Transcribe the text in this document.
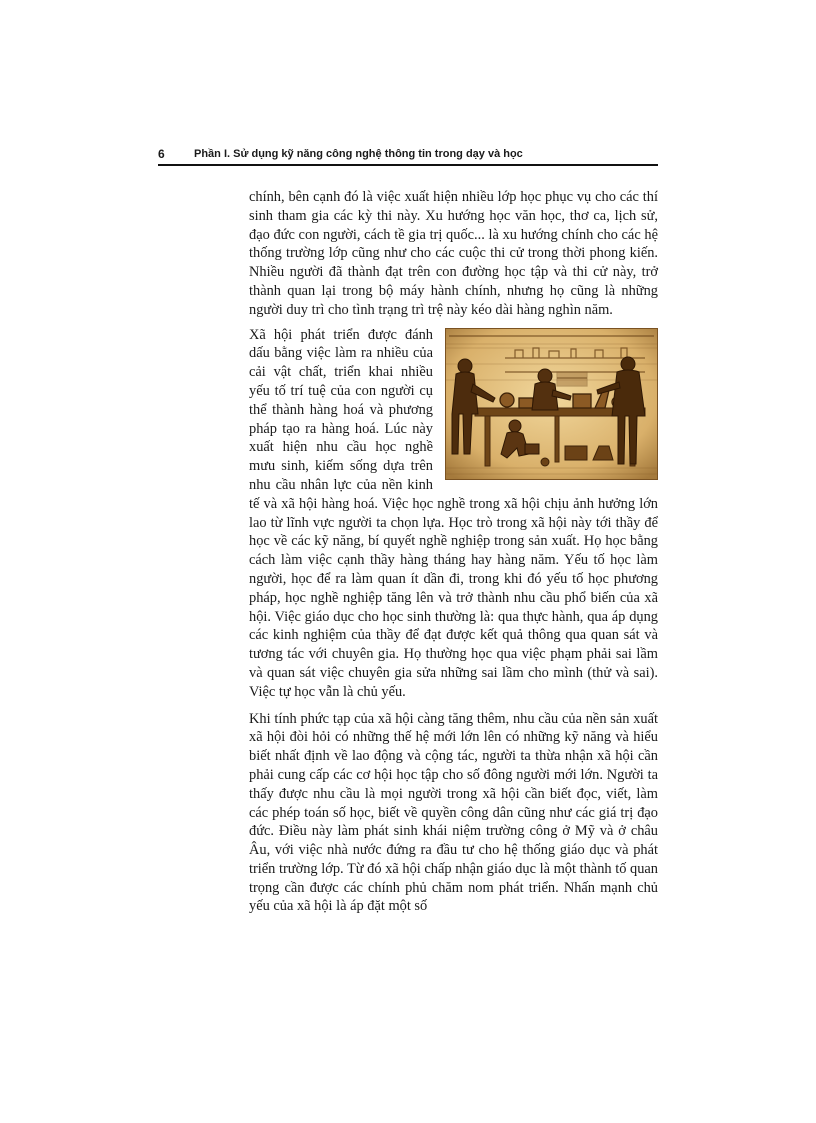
6	Phần I. Sử dụng kỹ năng công nghệ thông tin trong dạy và học

chính, bên cạnh đó là việc xuất hiện nhiều lớp học phục vụ cho các thí sinh tham gia các kỳ thi này. Xu hướng học văn học, thơ ca, lịch sử, đạo đức con người, cách tề gia trị quốc... là xu hướng chính cho các hệ thống trường lớp cũng như cho các cuộc thi cử trong thời phong kiến. Nhiều người đã thành đạt trên con đường học tập và thi cử này, trở thành quan lại trong bộ máy hành chính, nhưng họ cũng là những người duy trì cho tình trạng trì trệ này kéo dài hàng nghìn năm.

Xã hội phát triển được đánh dấu bằng việc làm ra nhiều của cải vật chất, triển khai nhiều yếu tố trí tuệ của con người cụ thể thành hàng hoá và phương pháp tạo ra hàng hoá. Lúc này xuất hiện nhu cầu học nghề mưu sinh, kiếm sống dựa trên nhu cầu nhân lực của nền kinh tế và xã hội hàng hoá. Việc học nghề trong xã hội chịu ảnh hưởng lớn lao từ lĩnh vực người ta chọn lựa. Học trò trong xã hội này tới thầy để học về các kỹ năng, bí quyết nghề nghiệp trong sản xuất. Họ học bằng cách làm việc cạnh thầy hàng tháng hay hàng năm. Yếu tố học làm người, học để ra làm quan ít dần đi, trong khi đó yếu tố học phương pháp, học nghề nghiệp tăng lên và trở thành nhu cầu phổ biến của xã hội. Việc giáo dục cho học sinh thường là: qua thực hành, qua áp dụng các kinh nghiệm của thầy để đạt được kết quả thông qua quan sát và tương tác với chuyên gia. Họ thường học qua việc phạm phải sai lầm và quan sát việc chuyên gia sửa những sai lầm cho mình (thử và sai). Việc tự học vẫn là chủ yếu.

Khi tính phức tạp của xã hội càng tăng thêm, nhu cầu của nền sản xuất xã hội đòi hỏi có những thế hệ mới lớn lên có những kỹ năng và hiểu biết nhất định về lao động và cộng tác, người ta thừa nhận xã hội cần phải cung cấp các cơ hội học tập cho số đông người mới lớn. Người ta thấy được nhu cầu là mọi người trong xã hội cần biết đọc, viết, làm các phép toán số học, biết về quyền công dân cũng như các giá trị đạo đức. Điều này làm phát sinh khái niệm trường công ở Mỹ và ở châu Âu, với việc nhà nước đứng ra đầu tư cho hệ thống giáo dục và phát triển trường lớp. Từ đó xã hội chấp nhận giáo dục là một thành tố quan trọng cần được các chính phủ chăm nom phát triển. Nhấn mạnh chủ yếu của xã hội là áp đặt một số
